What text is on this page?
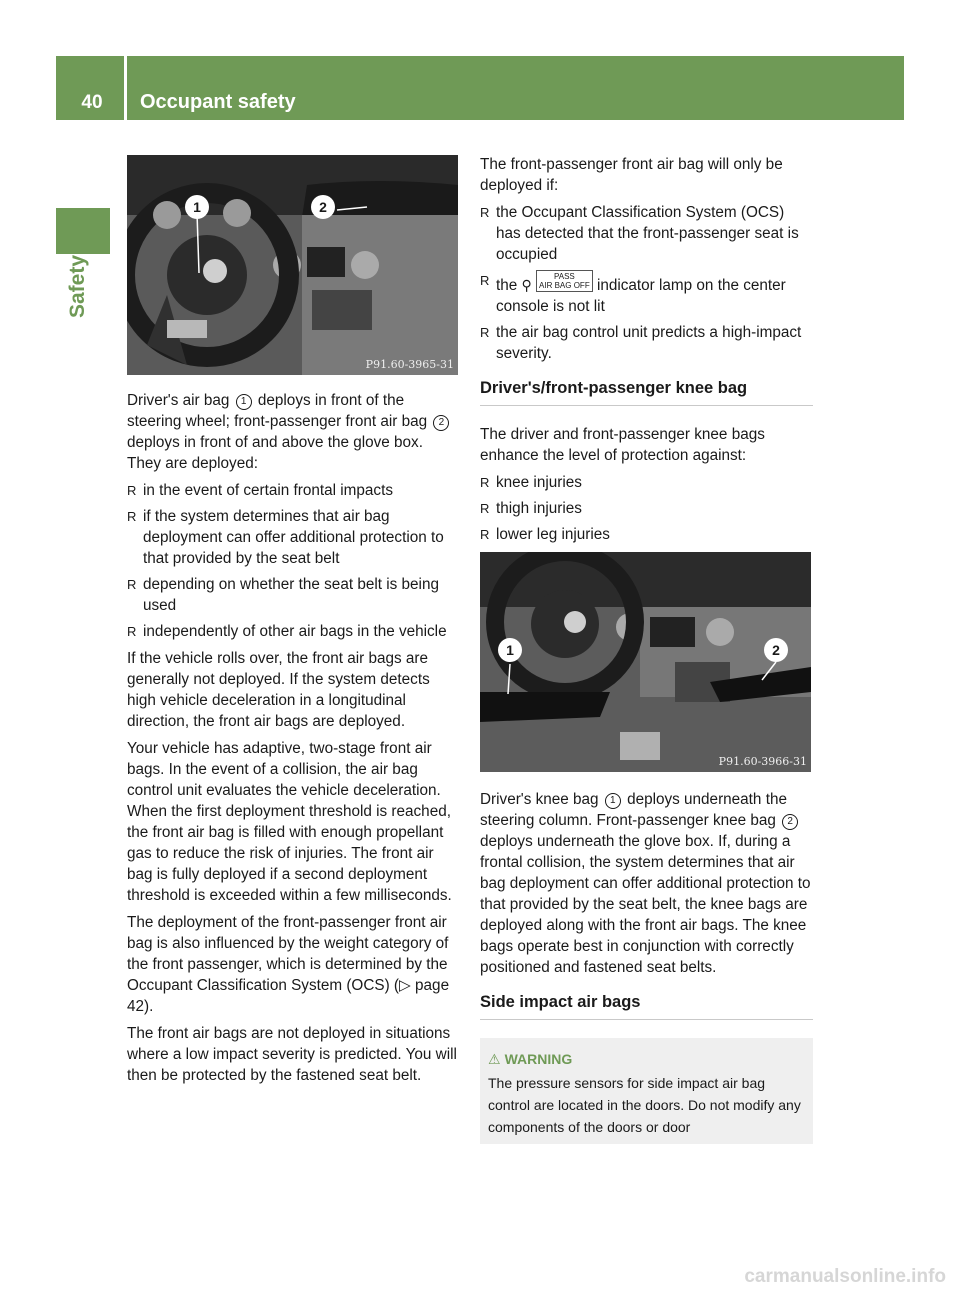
40	Occupant safety
Safety
1	2
P91.60-3965-31

Driver's air bag 1 deploys in front of the steering wheel; front-passenger front air bag 2 deploys in front of and above the glove box. They are deployed:

R in the event of certain frontal impacts
R if the system determines that air bag deployment can offer additional protection to that provided by the seat belt
R depending on whether the seat belt is being used
R independently of other air bags in the vehicle

If the vehicle rolls over, the front air bags are generally not deployed. If the system detects high vehicle deceleration in a longitudinal direction, the front air bags are deployed.

Your vehicle has adaptive, two-stage front air bags. In the event of a collision, the air bag control unit evaluates the vehicle deceleration. When the first deployment threshold is reached, the front air bag is filled with enough propellant gas to reduce the risk of injuries. The front air bag is fully deployed if a second deployment threshold is exceeded within a few milliseconds.

The deployment of the front-passenger front air bag is also influenced by the weight category of the front passenger, which is determined by the Occupant Classification System (OCS) (▷ page 42).

The front air bags are not deployed in situations where a low impact severity is predicted. You will then be protected by the fastened seat belt.

The front-passenger front air bag will only be deployed if:

R the Occupant Classification System (OCS) has detected that the front-passenger seat is occupied
R the ⚲ PASS
AIR BAG OFF indicator lamp on the center console is not lit
R the air bag control unit predicts a high-impact severity.
Driver's/front-passenger knee bag

The driver and front-passenger knee bags enhance the level of protection against:

R knee injuries
R thigh injuries
R lower leg injuries

Driver's knee bag 1 deploys underneath the steering column. Front-passenger knee bag 2 deploys underneath the glove box. If, during a frontal collision, the system determines that air bag deployment can offer additional protection to that provided by the seat belt, the knee bags are deployed along with the front air bags. The knee bags operate best in conjunction with correctly positioned and fastened seat belts.

Side impact air bags
⚠ WARNING
The pressure sensors for side impact air bag control are located in the doors. Do not modify any components of the doors or door
1	2
P91.60-3966-31
carmanualsonline.info
